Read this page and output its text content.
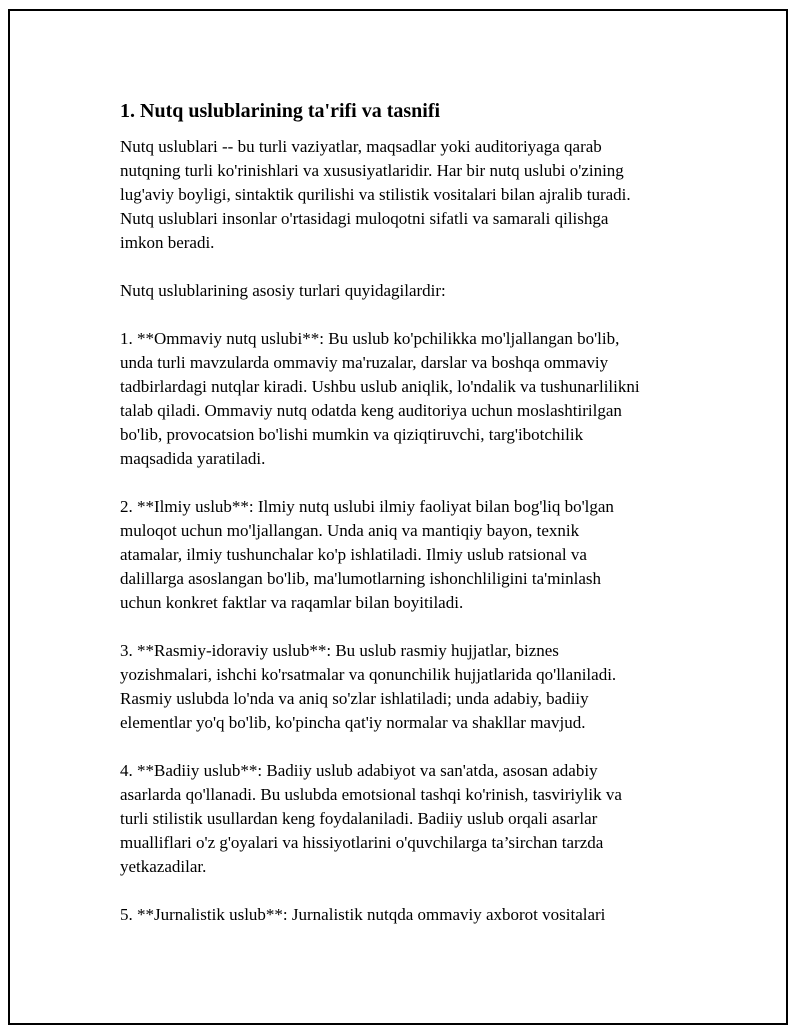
1. Nutq uslublarining ta'rifi va tasnifi

Nutq uslublari -- bu turli vaziyatlar, maqsadlar yoki auditoriyaga qarab
nutqning turli ko'rinishlari va xususiyatlaridir. Har bir nutq uslubi o'zining
lug'aviy boyligi, sintaktik qurilishi va stilistik vositalari bilan ajralib turadi.
Nutq uslublari insonlar o'rtasidagi muloqotni sifatli va samarali qilishga
imkon beradi.

Nutq uslublarining asosiy turlari quyidagilardir:

1. **Ommaviy nutq uslubi**: Bu uslub ko'pchilikka mo'ljallangan bo'lib,
unda turli mavzularda ommaviy ma'ruzalar, darslar va boshqa ommaviy
tadbirlardagi nutqlar kiradi. Ushbu uslub aniqlik, lo'ndalik va tushunarlilikni
talab qiladi. Ommaviy nutq odatda keng auditoriya uchun moslashtirilgan
bo'lib, provocatsion bo'lishi mumkin va qiziqtiruvchi, targ'ibotchilik
maqsadida yaratiladi.

2. **Ilmiy uslub**: Ilmiy nutq uslubi ilmiy faoliyat bilan bog'liq bo'lgan
muloqot uchun mo'ljallangan. Unda aniq va mantiqiy bayon, texnik
atamalar, ilmiy tushunchalar ko'p ishlatiladi. Ilmiy uslub ratsional va
dalillarga asoslangan bo'lib, ma'lumotlarning ishonchliligini ta'minlash
uchun konkret faktlar va raqamlar bilan boyitiladi.

3. **Rasmiy-idoraviy uslub**: Bu uslub rasmiy hujjatlar, biznes
yozishmalari, ishchi ko'rsatmalar va qonunchilik hujjatlarida qo'llaniladi.
Rasmiy uslubda lo'nda va aniq so'zlar ishlatiladi; unda adabiy, badiiy
elementlar yo'q bo'lib, ko'pincha qat'iy normalar va shakllar mavjud.

4. **Badiiy uslub**: Badiiy uslub adabiyot va san'atda, asosan adabiy
asarlarda qo'llanadi. Bu uslubda emotsional tashqi ko'rinish, tasviriylik va
turli stilistik usullardan keng foydalaniladi. Badiiy uslub orqali asarlar
mualliflari o'z g'oyalari va hissiyotlarini o'quvchilarga ta’sirchan tarzda
yetkazadilar.

5. **Jurnalistik uslub**: Jurnalistik nutqda ommaviy axborot vositalari
